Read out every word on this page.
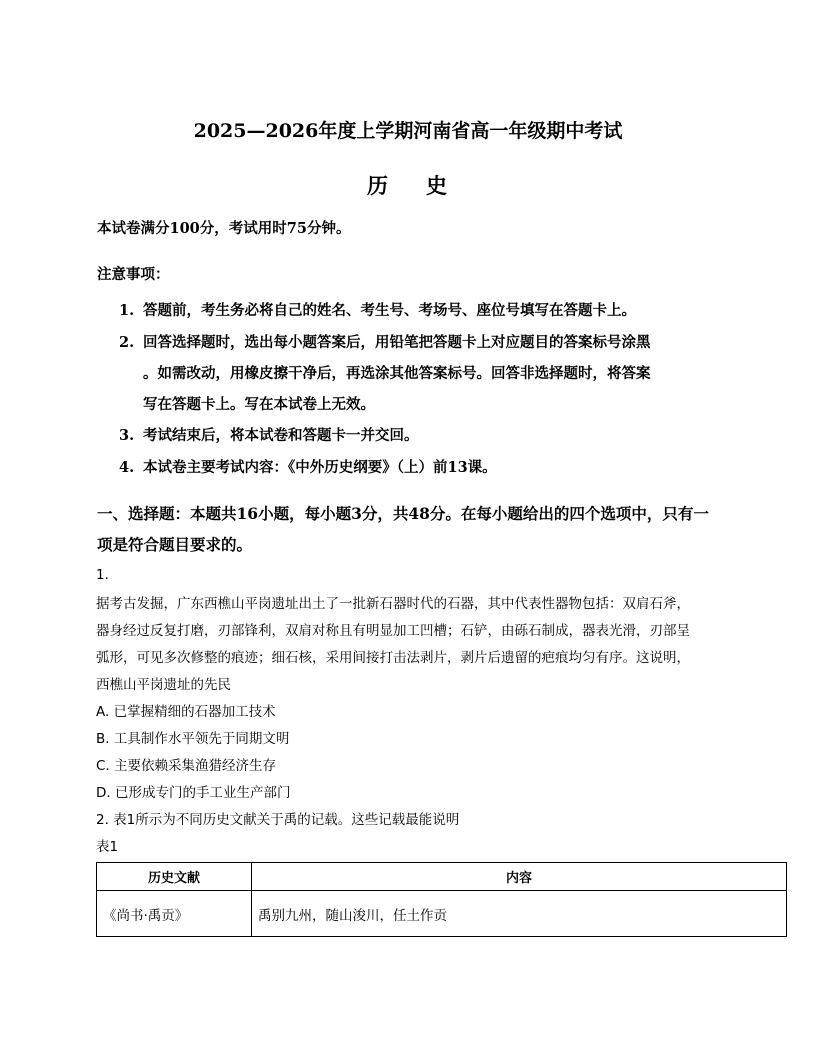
2025—2026年度上学期河南省高一年级期中考试
历 史
本试卷满分100分，考试用时75分钟。
注意事项：
1. 答题前，考生务必将自己的姓名、考生号、考场号、座位号填写在答题卡上。
2. 回答选择题时，选出每小题答案后，用铅笔把答题卡上对应题目的答案标号涂黑
。如需改动，用橡皮擦干净后，再选涂其他答案标号。回答非选择题时，将答案
写在答题卡上。写在本试卷上无效。
3. 考试结束后，将本试卷和答题卡一并交回。
4. 本试卷主要考试内容：《中外历史纲要》（上）前13课。
一、选择题：本题共16小题，每小题3分，共48分。在每小题给出的四个选项中，只有一
项是符合题目要求的。
1.
据考古发掘，广东西樵山平岗遗址出土了一批新石器时代的石器，其中代表性器物包括：双肩石斧，
器身经过反复打磨，刃部锋利，双肩对称且有明显加工凹槽；石铲，由砾石制成，器表光滑，刃部呈
弧形，可见多次修整的痕迹；细石核，采用间接打击法剥片，剥片后遗留的疤痕均匀有序。这说明，
西樵山平岗遗址的先民
A. 已掌握精细的石器加工技术
B. 工具制作水平领先于同期文明
C. 主要依赖采集渔猎经济生存
D. 已形成专门的手工业生产部门
2. 表1所示为不同历史文献关于禹的记载。这些记载最能说明
表1
历史文献	内容
《尚书·禹贡》	禹别九州，随山浚川，任土作贡
